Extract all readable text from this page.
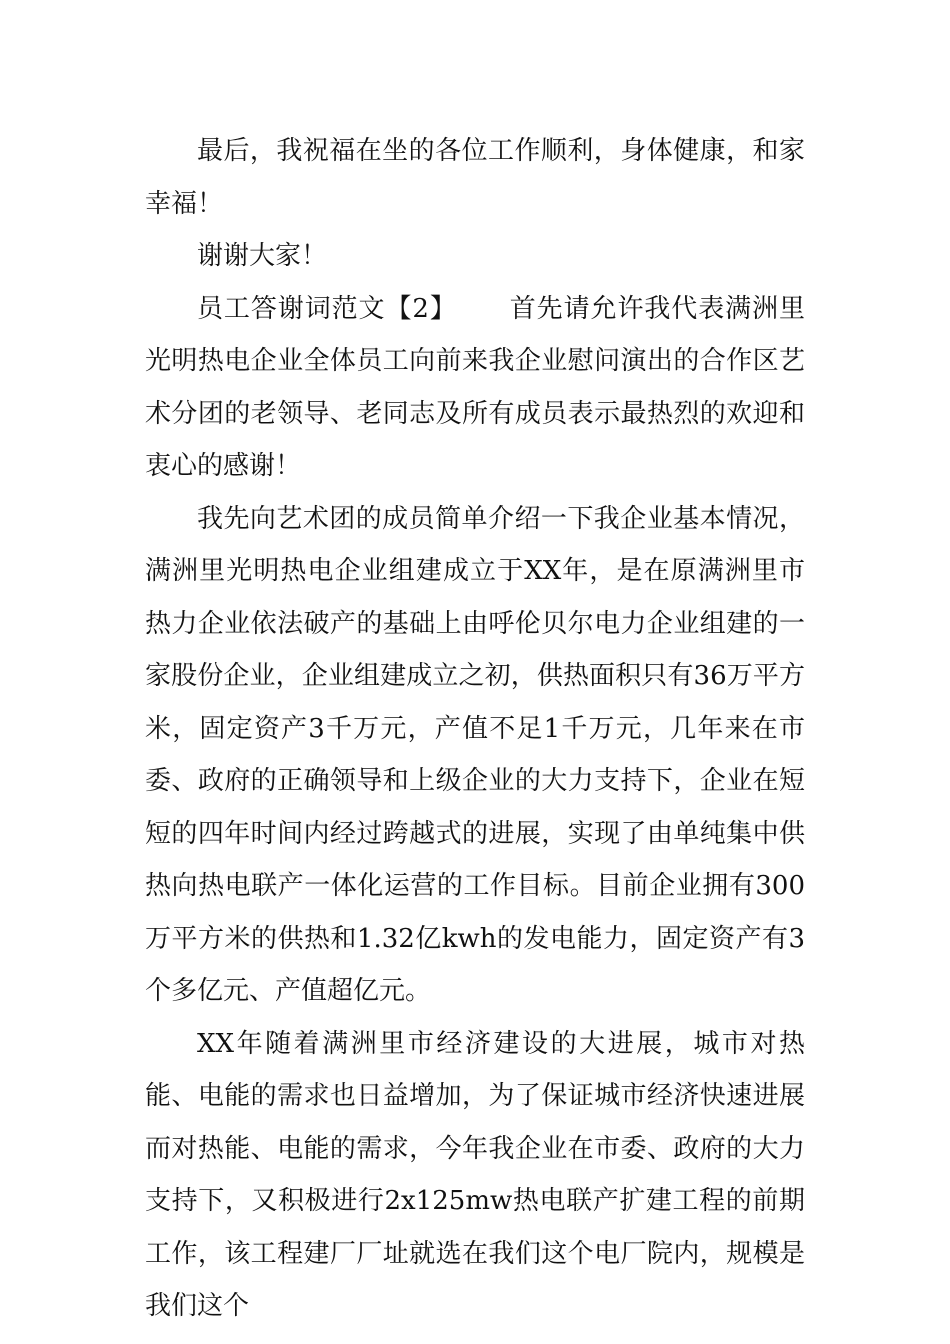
最后，我祝福在坐的各位工作顺利，身体健康，和家幸福！

谢谢大家！

员工答谢词范文【2】 首先请允许我代表满洲里光明热电企业全体员工向前来我企业慰问演出的合作区艺术分团的老领导、老同志及所有成员表示最热烈的欢迎和衷心的感谢！

我先向艺术团的成员简单介绍一下我企业基本情况，满洲里光明热电企业组建成立于XX年，是在原满洲里市热力企业依法破产的基础上由呼伦贝尔电力企业组建的一家股份企业，企业组建成立之初，供热面积只有36万平方米，固定资产3千万元，产值不足1千万元，几年来在市委、政府的正确领导和上级企业的大力支持下，企业在短短的四年时间内经过跨越式的进展，实现了由单纯集中供热向热电联产一体化运营的工作目标。目前企业拥有300万平方米的供热和1.32亿kwh的发电能力，固定资产有3个多亿元、产值超亿元。

XX年随着满洲里市经济建设的大进展，城市对热能、电能的需求也日益增加，为了保证城市经济快速进展而对热能、电能的需求，今年我企业在市委、政府的大力支持下，又积极进行2x125mw热电联产扩建工程的前期工作，该工程建厂厂址就选在我们这个电厂院内，规模是我们这个
